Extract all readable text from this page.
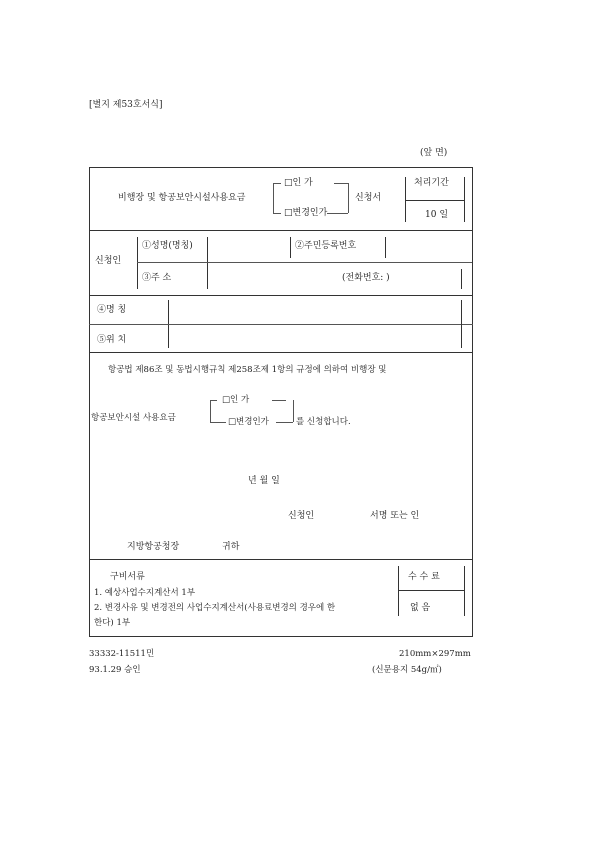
[별지 제53호서식]
(앞 면)
비행장 및 항공보안시설사용요금
□인 가
□변경인가
신청서
처리기간
10 일
신청인
①성명(명칭)	②주민등록번호
③주 소	(전화번호: )
④명 칭
⑤위 치
항공법 제86조 및 동법시행규칙 제258조제 1항의 규정에 의하여 비행장 및
항공보안시설 사용요금
□인 가
□변경인가	를 신청합니다.
년 월 일
신청인	서명 또는 인
지방항공청장	귀하
구비서류
1. 예상사업수지계산서 1부
2. 변경사유 및 변경전의 사업수지계산서(사용료변경의 경우에 한
한다) 1부
수 수 료
없 음
33332-11511민
93.1.29 승인
210mm×297mm
(신문용지 54g/㎡)
